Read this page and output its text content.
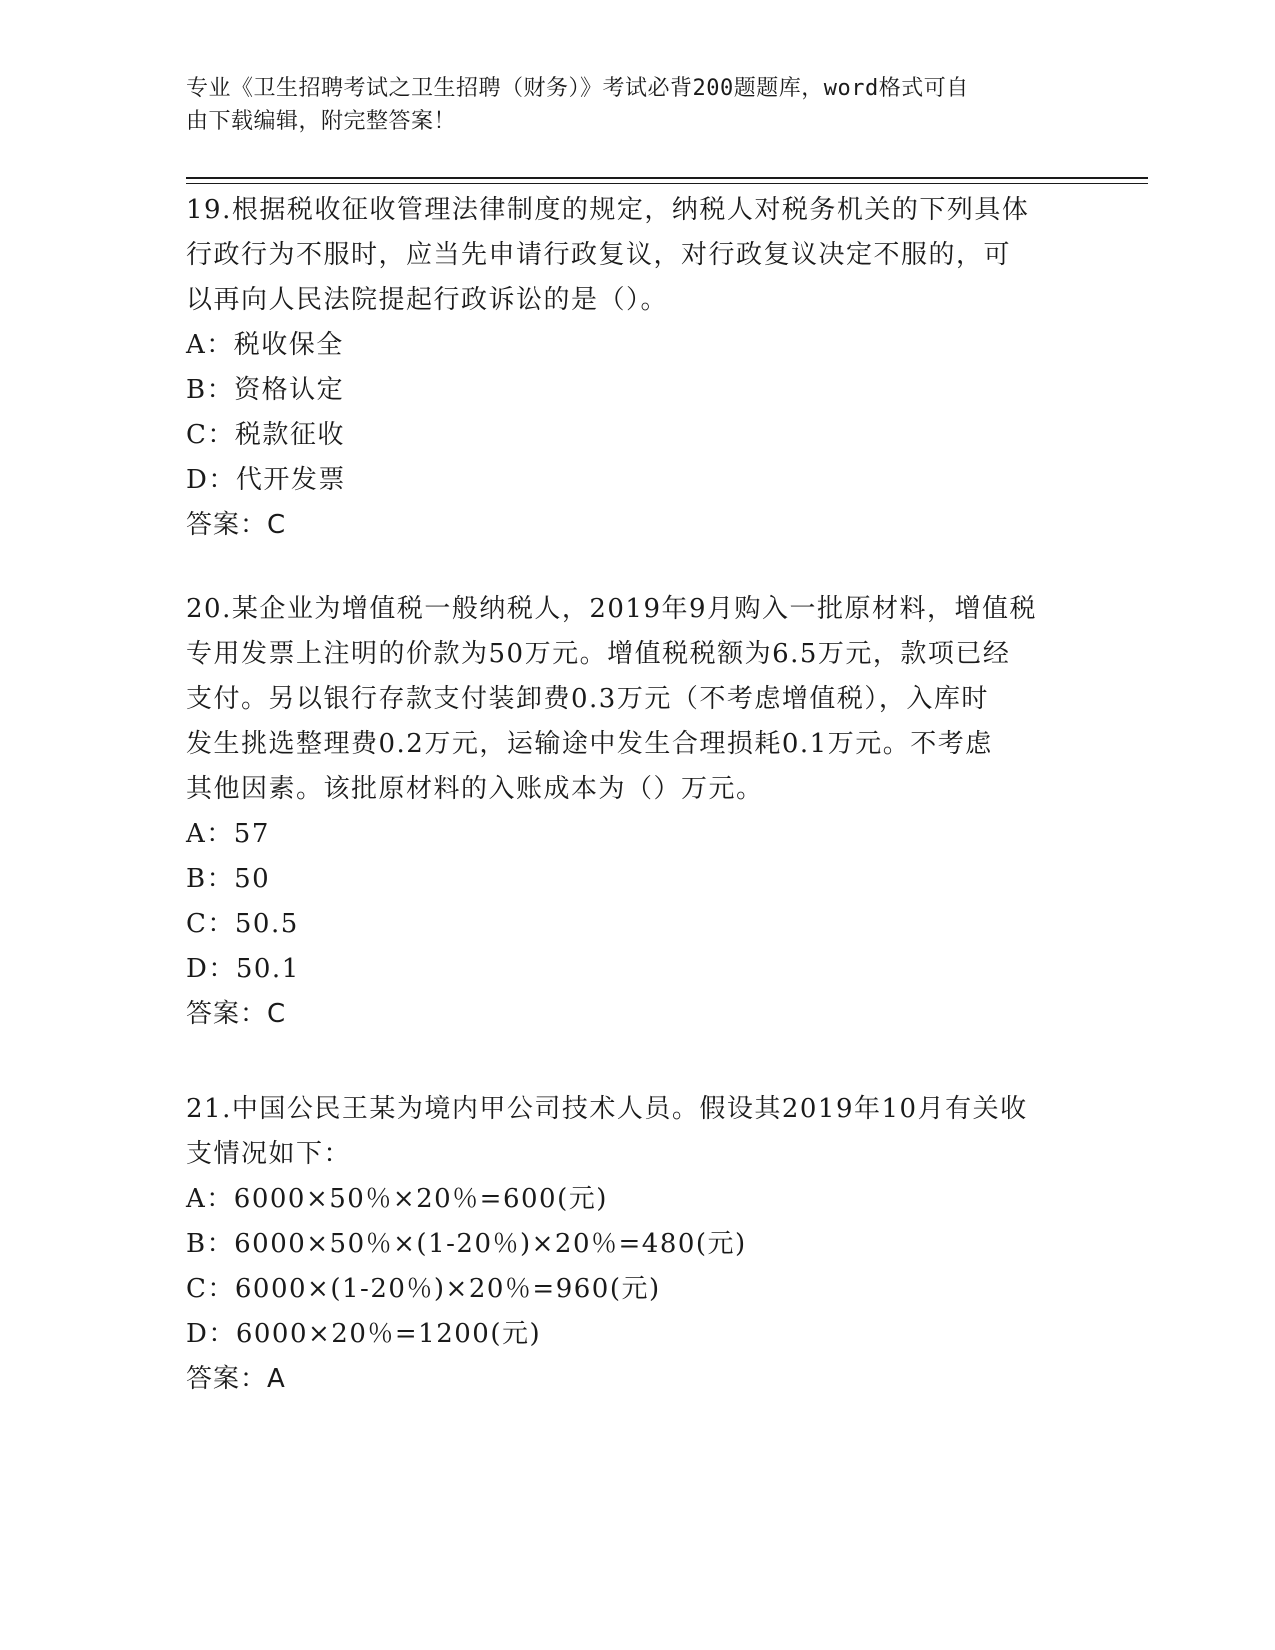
专业《卫生招聘考试之卫生招聘（财务）》考试必背200题题库，word格式可自
由下载编辑，附完整答案！
19.根据税收征收管理法律制度的规定，纳税人对税务机关的下列具体
行政行为不服时，应当先申请行政复议，对行政复议决定不服的，可
以再向人民法院提起行政诉讼的是（）。
A：税收保全
B：资格认定
C：税款征收
D：代开发票
答案：C
20.某企业为增值税一般纳税人，2019年9月购入一批原材料，增值税
专用发票上注明的价款为50万元。增值税税额为6.5万元，款项已经
支付。另以银行存款支付装卸费0.3万元（不考虑增值税），入库时
发生挑选整理费0.2万元，运输途中发生合理损耗0.1万元。不考虑
其他因素。该批原材料的入账成本为（）万元。
A：57
B：50
C：50.5
D：50.1
答案：C
21.中国公民王某为境内甲公司技术人员。假设其2019年10月有关收
支情况如下：
A：6000×50％×20％=600(元)
B：6000×50％×(1-20％)×20％=480(元)
C：6000×(1-20％)×20％=960(元)
D：6000×20％=1200(元)
答案：A
